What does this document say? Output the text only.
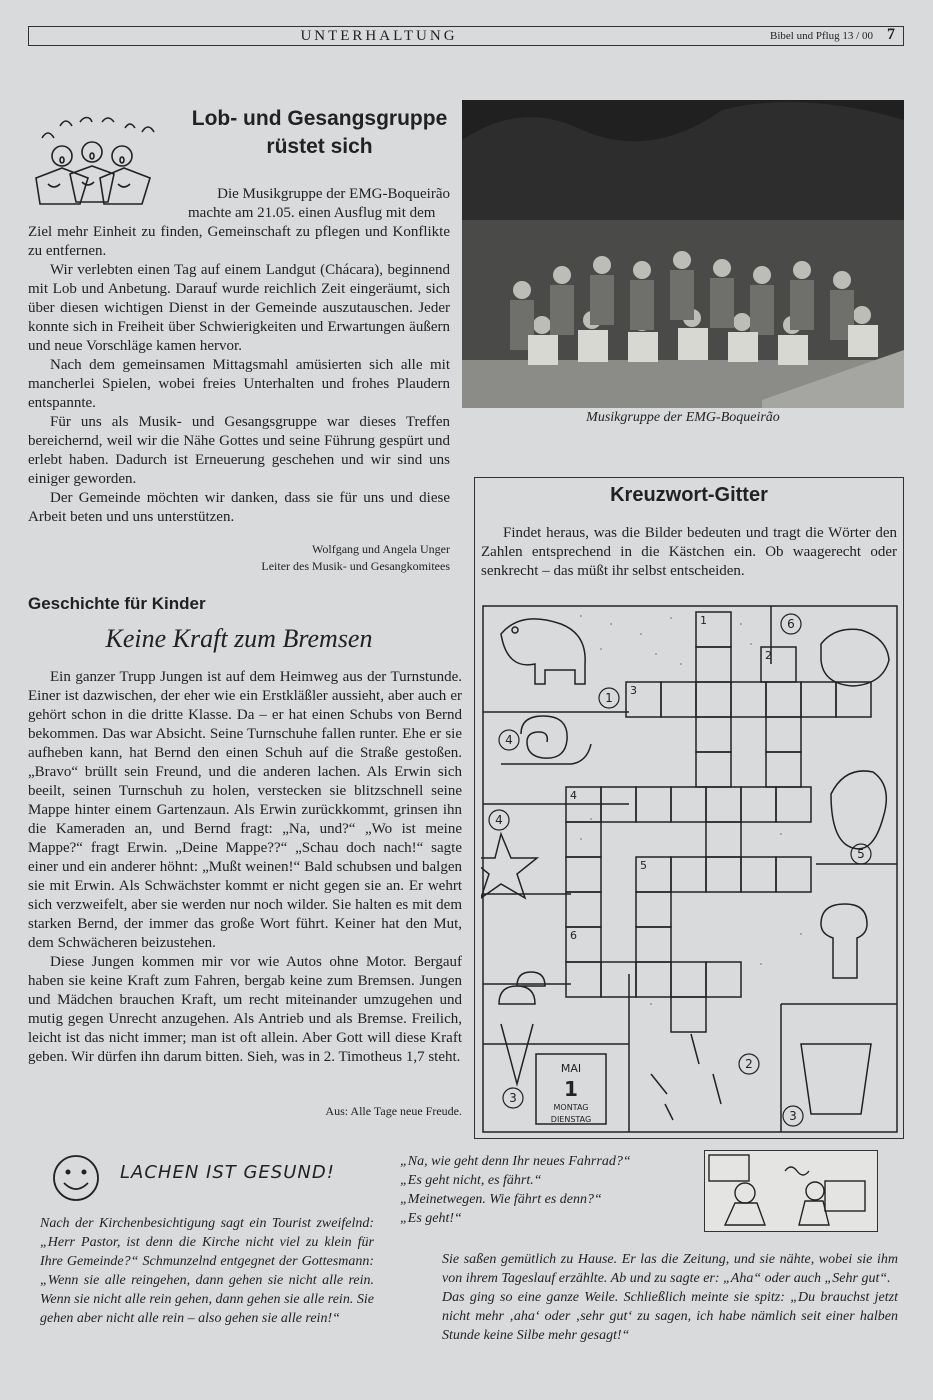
UNTERHALTUNG	Bibel und Pflug 13 / 00 7
Lob- und Gesangsgruppe
rüstet sich

Die Musikgruppe der EMG-Boqueirão

machte am 21.05. einen Ausflug mit dem

Ziel mehr Einheit zu finden, Gemeinschaft zu pflegen und Konflikte zu entfernen.

Wir verlebten einen Tag auf einem Landgut (Chácara), beginnend mit Lob und Anbetung. Darauf wurde reichlich Zeit eingeräumt, sich über diesen wichtigen Dienst in der Gemeinde auszutauschen. Jeder konnte sich in Freiheit über Schwierigkeiten und Erwartungen äußern und neue Vorschläge kamen hervor.

Nach dem gemeinsamen Mittagsmahl amüsierten sich alle mit mancherlei Spielen, wobei freies Unterhalten und frohes Plaudern entspannte.

Für uns als Musik- und Gesangsgruppe war dieses Treffen bereichernd, weil wir die Nähe Gottes und seine Führung gespürt und erlebt haben. Dadurch ist Erneuerung geschehen und wir sind uns einiger geworden.

Der Gemeinde möchten wir danken, dass sie für uns und diese Arbeit beten und uns unterstützen.

Wolfgang und Angela Unger
Leiter des Musik- und Gesangkomitees
Musikgruppe der EMG-Boqueirão
Geschichte für Kinder
Keine Kraft zum Bremsen

Ein ganzer Trupp Jungen ist auf dem Heimweg aus der Turnstunde. Einer ist dazwischen, der eher wie ein Erstkläßler aussieht, aber auch er gehört schon in die dritte Klasse. Da – er hat einen Schubs von Bernd bekommen. Das war Absicht. Seine Turnschuhe fallen runter. Ehe er sie aufheben kann, hat Bernd den einen Schuh auf die Straße gestoßen. „Bravo“ brüllt sein Freund, und die anderen lachen. Als Erwin sich beeilt, seinen Turnschuh zu holen, verstecken sie blitzschnell seine Mappe hinter einem Gartenzaun. Als Erwin zurückkommt, grinsen ihn die Kameraden an, und Bernd fragt: „Na, und?“ „Wo ist meine Mappe?“ fragt Erwin. „Deine Mappe??“ „Schau doch nach!“ sagte einer und ein anderer höhnt: „Mußt weinen!“ Bald schubsen und balgen sie mit Erwin. Als Schwächster kommt er nicht gegen sie an. Er wehrt sich verzweifelt, aber sie werden nur noch wilder. Sie halten es mit dem starken Bernd, der immer das große Wort führt. Keiner hat den Mut, dem Schwächeren beizustehen.

Diese Jungen kommen mir vor wie Autos ohne Motor. Bergauf haben sie keine Kraft zum Fahren, bergab keine zum Bremsen. Jungen und Mädchen brauchen Kraft, um recht miteinander umzugehen und mutig gegen Unrecht anzugehen. Als Antrieb und als Bremse. Freilich, leicht ist das nicht immer; man ist oft allein. Aber Gott will diese Kraft geben. Wir dürfen ihn darum bitten. Sieh, was in 2. Timotheus 1,7 steht.

Aus: Alle Tage neue Freude.
Kreuzwort-Gitter

Findet heraus, was die Bilder bedeuten und tragt die Wörter den Zahlen entsprechend in die Kästchen ein. Ob waagerecht oder senkrecht – das müßt ihr selbst entscheiden.

1
2
3
4
5
6
1
2
3
3
4
4
5
6
MAI
1
MONTAG
DIENSTAG
LACHEN IST GESUND!

Nach der Kirchenbesichtigung sagt ein Tourist zweifelnd: „Herr Pastor, ist denn die Kirche nicht viel zu klein für Ihre Gemeinde?“ Schmunzelnd entgegnet der Gottesmann: „Wenn sie alle reingehen, dann gehen sie nicht alle rein. Wenn sie nicht alle rein gehen, dann gehen sie alle rein. Sie gehen aber nicht alle rein – also gehen sie alle rein!“

„Na, wie geht denn Ihr neues Fahrrad?“

„Es geht nicht, es fährt.“

„Meinetwegen. Wie fährt es denn?“

„Es geht!“

Sie saßen gemütlich zu Hause. Er las die Zeitung, und sie nähte, wobei sie ihm von ihrem Tageslauf erzählte. Ab und zu sagte er: „Aha“ oder auch „Sehr gut“.

Das ging so eine ganze Weile. Schließlich meinte sie spitz: „Du brauchst jetzt nicht mehr ‚aha‘ oder ‚sehr gut‘ zu sagen, ich habe nämlich seit einer halben Stunde keine Silbe mehr gesagt!“
